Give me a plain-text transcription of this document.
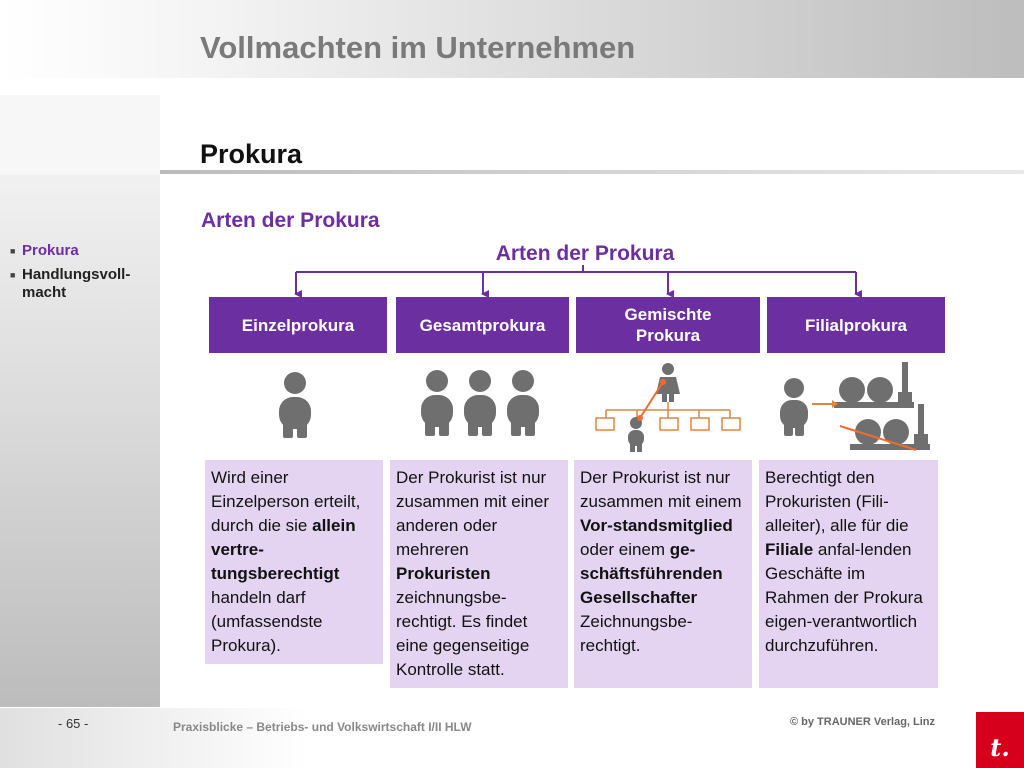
Vollmachten im Unternehmen
■ Prokura
■ Handlungsvoll-macht
Prokura
Arten der Prokura
Arten der Prokura
Einzelprokura	Gesamtprokura
Gemischte Prokura
Filialprokura
Wird einer Einzelperson erteilt, durch die sie allein vertre-tungsberechtigt handeln darf (umfassendste Prokura).
Der Prokurist ist nur zusammen mit einer anderen oder mehreren Prokuristen zeichnungsbe-rechtigt. Es findet eine gegenseitige Kontrolle statt.
Der Prokurist ist nur zusammen mit einem Vor-standsmitglied oder einem ge-schäftsführenden Gesellschafter Zeichnungsbe-rechtigt.
Berechtigt den Prokuristen (Fili-alleiter), alle für die Filiale anfal-lenden Geschäfte im Rahmen der Prokura eigen-verantwortlich durchzuführen.
- 65 -	Praxisblicke – Betriebs- und Volkswirtschaft I/II HLW	© by TRAUNER Verlag, Linz
t.
